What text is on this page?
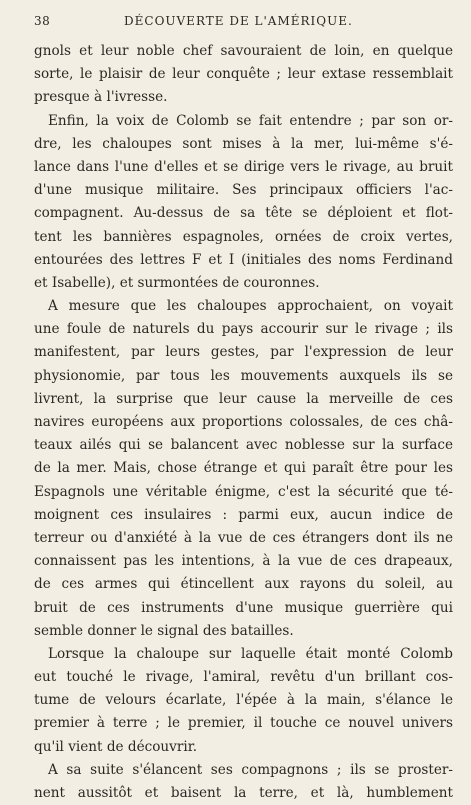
38	DÉCOUVERTE DE L'AMÉRIQUE.
gnols et leur noble chef savouraient de loin, en quelque
sorte, le plaisir de leur conquête ; leur extase ressemblait
presque à l'ivresse.
Enfin, la voix de Colomb se fait entendre ; par son or-
dre, les chaloupes sont mises à la mer, lui-même s'é-
lance dans l'une d'elles et se dirige vers le rivage, au bruit
d'une musique militaire. Ses principaux officiers l'ac-
compagnent. Au-dessus de sa tête se déploient et flot-
tent les bannières espagnoles, ornées de croix vertes,
entourées des lettres F et I (initiales des noms Ferdinand
et Isabelle), et surmontées de couronnes.
A mesure que les chaloupes approchaient, on voyait
une foule de naturels du pays accourir sur le rivage ; ils
manifestent, par leurs gestes, par l'expression de leur
physionomie, par tous les mouvements auxquels ils se
livrent, la surprise que leur cause la merveille de ces
navires européens aux proportions colossales, de ces châ-
teaux ailés qui se balancent avec noblesse sur la surface
de la mer. Mais, chose étrange et qui paraît être pour les
Espagnols une véritable énigme, c'est la sécurité que té-
moignent ces insulaires : parmi eux, aucun indice de
terreur ou d'anxiété à la vue de ces étrangers dont ils ne
connaissent pas les intentions, à la vue de ces drapeaux,
de ces armes qui étincellent aux rayons du soleil, au
bruit de ces instruments d'une musique guerrière qui
semble donner le signal des batailles.
Lorsque la chaloupe sur laquelle était monté Colomb
eut touché le rivage, l'amiral, revêtu d'un brillant cos-
tume de velours écarlate, l'épée à la main, s'élance le
premier à terre ; le premier, il touche ce nouvel univers
qu'il vient de découvrir.
A sa suite s'élancent ses compagnons ; ils se proster-
nent aussitôt et baisent la terre, et là, humblement
